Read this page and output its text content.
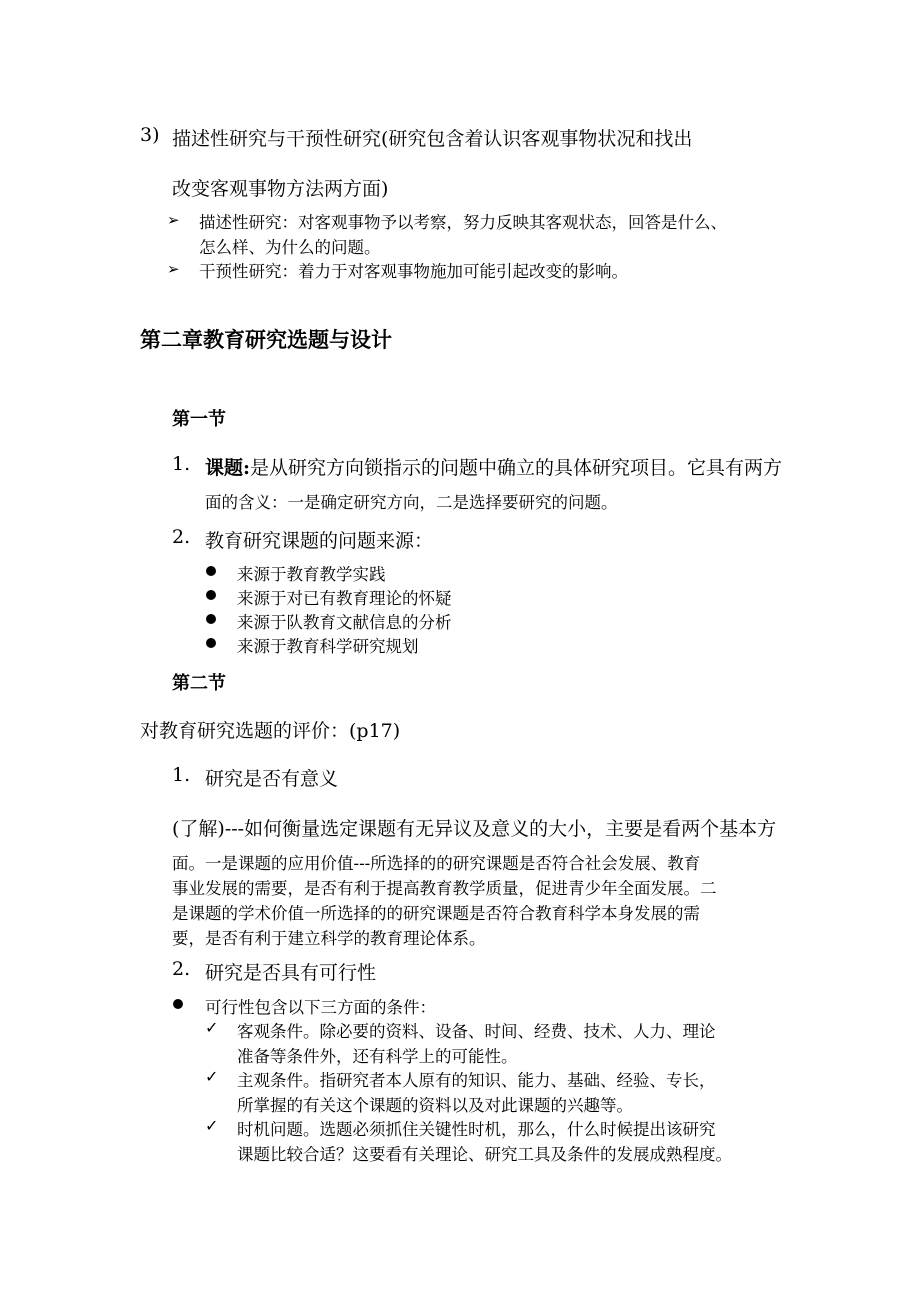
3) 描述性研究与干预性研究(研究包含着认识客观事物状况和找出
改变客观事物方法两方面)
➢ 描述性研究：对客观事物予以考察，努力反映其客观状态，回答是什么、
怎么样、为什么的问题。
➢ 干预性研究：着力于对客观事物施加可能引起改变的影响。
第二章教育研究选题与设计
第一节
1. 课题:是从研究方向锁指示的问题中确立的具体研究项目。它具有两方
面的含义：一是确定研究方向，二是选择要研究的问题。
2. 教育研究课题的问题来源：
来源于教育教学实践
来源于对已有教育理论的怀疑
来源于队教育文献信息的分析
来源于教育科学研究规划
第二节
对教育研究选题的评价：(p17)
1. 研究是否有意义
(了解)---如何衡量选定课题有无异议及意义的大小，主要是看两个基本方
面。一是课题的应用价值---所选择的的研究课题是否符合社会发展、教育
事业发展的需要，是否有利于提高教育教学质量，促进青少年全面发展。二
是课题的学术价值一所选择的的研究课题是否符合教育科学本身发展的需
要，是否有利于建立科学的教育理论体系。
2. 研究是否具有可行性
可行性包含以下三方面的条件：
✓ 客观条件。除必要的资料、设备、时间、经费、技术、人力、理论
准备等条件外，还有科学上的可能性。
✓ 主观条件。指研究者本人原有的知识、能力、基础、经验、专长，
所掌握的有关这个课题的资料以及对此课题的兴趣等。
✓ 时机问题。选题必须抓住关键性时机，那么，什么时候提出该研究
课题比较合适？这要看有关理论、研究工具及条件的发展成熟程度。
